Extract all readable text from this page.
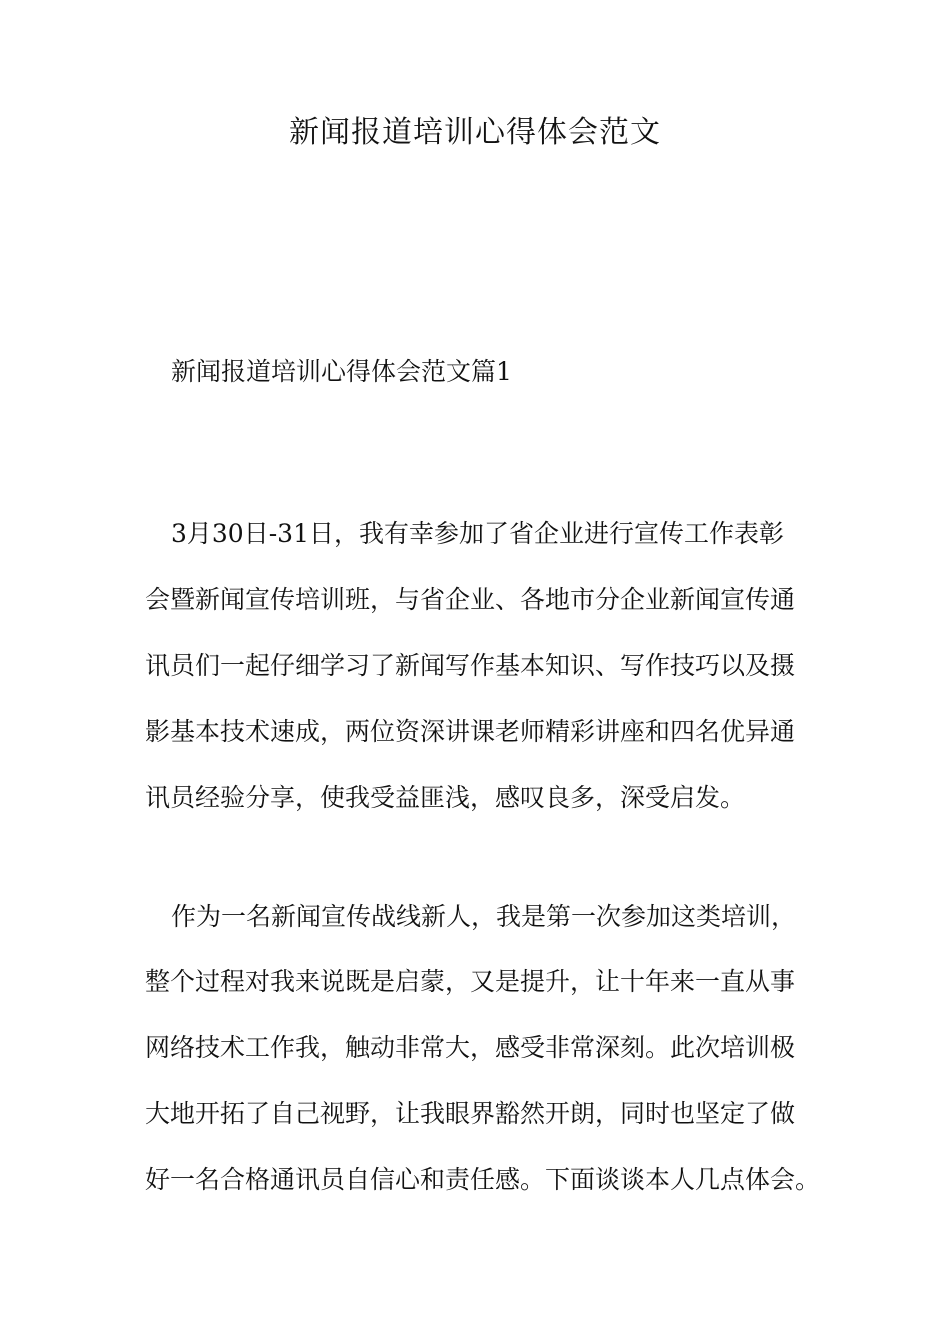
新闻报道培训心得体会范文
新闻报道培训心得体会范文篇1

3月30日-31日，我有幸参加了省企业进行宣传工作表彰

会暨新闻宣传培训班，与省企业、各地市分企业新闻宣传通

讯员们一起仔细学习了新闻写作基本知识、写作技巧以及摄

影基本技术速成，两位资深讲课老师精彩讲座和四名优异通

讯员经验分享，使我受益匪浅，感叹良多，深受启发。

作为一名新闻宣传战线新人，我是第一次参加这类培训，

整个过程对我来说既是启蒙，又是提升，让十年来一直从事

网络技术工作我，触动非常大，感受非常深刻。此次培训极

大地开拓了自己视野，让我眼界豁然开朗，同时也坚定了做

好一名合格通讯员自信心和责任感。下面谈谈本人几点体会。
